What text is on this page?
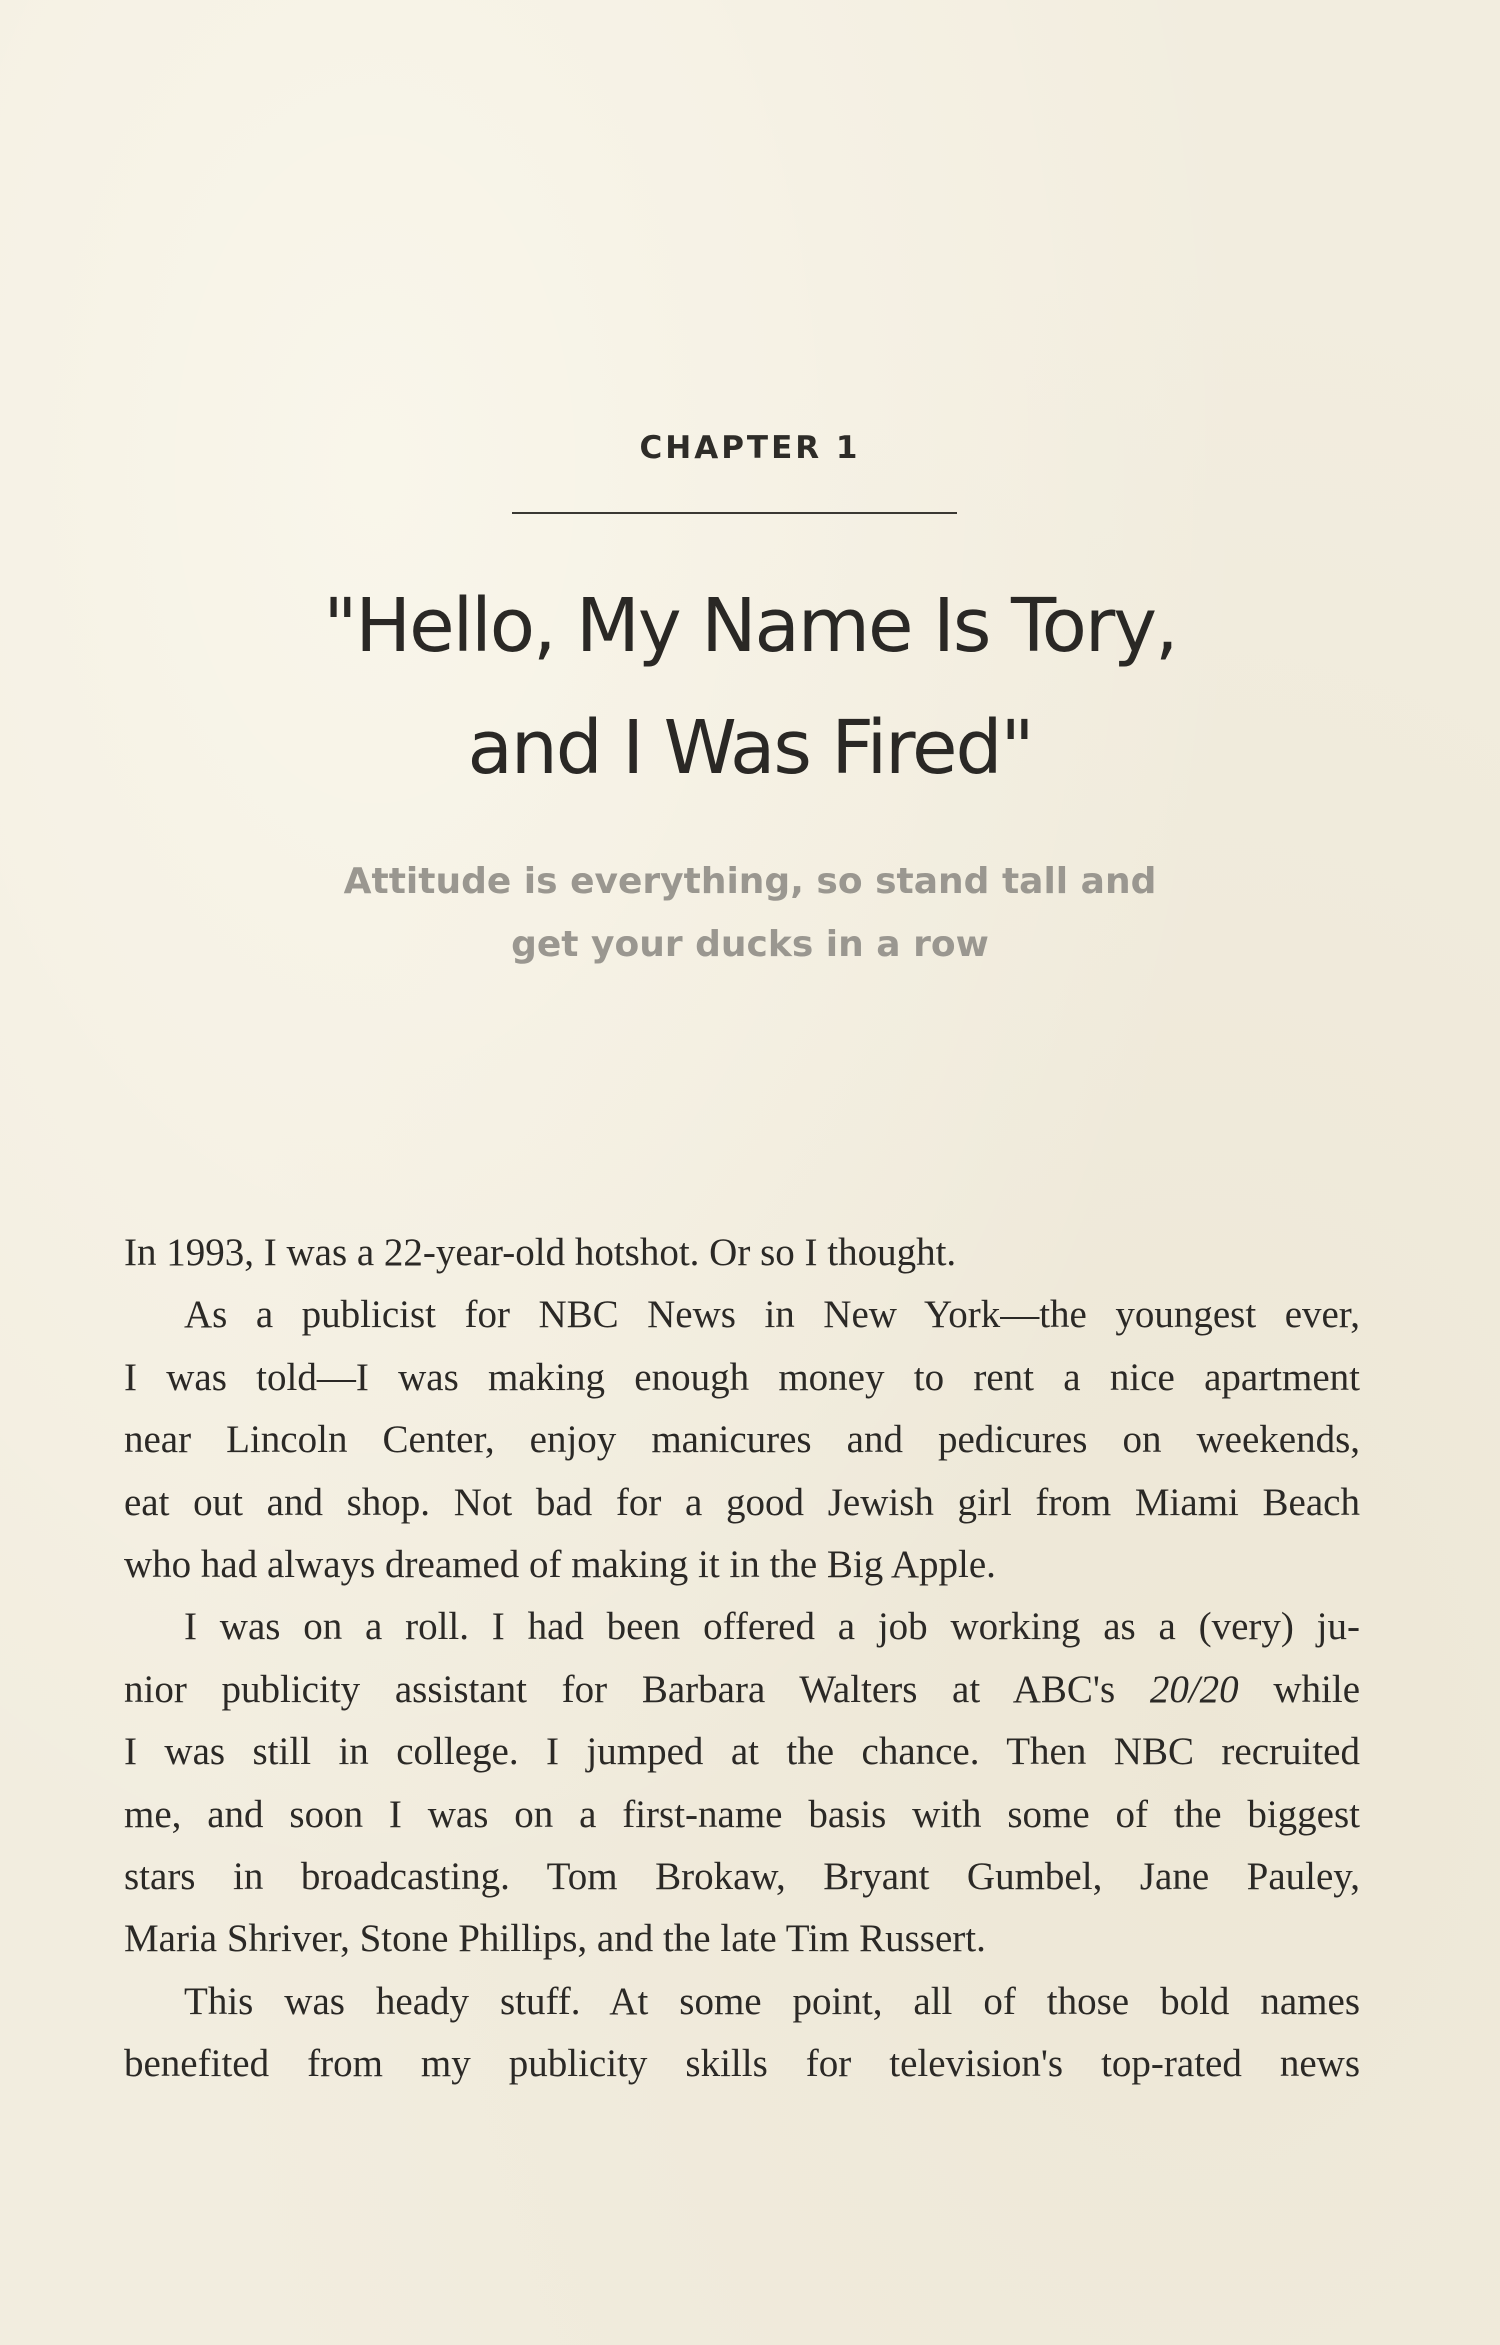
CHAPTER 1
"Hello, My Name Is Tory,
and I Was Fired"
Attitude is everything, so stand tall and
get your ducks in a row
In 1993, I was a 22-year-old hotshot. Or so I thought.
As a publicist for NBC News in New York—the youngest ever,
I was told—I was making enough money to rent a nice apartment
near Lincoln Center, enjoy manicures and pedicures on weekends,
eat out and shop. Not bad for a good Jewish girl from Miami Beach
who had always dreamed of making it in the Big Apple.
I was on a roll. I had been offered a job working as a (very) ju-
nior publicity assistant for Barbara Walters at ABC's 20/20 while
I was still in college. I jumped at the chance. Then NBC recruited
me, and soon I was on a first-name basis with some of the biggest
stars in broadcasting. Tom Brokaw, Bryant Gumbel, Jane Pauley,
Maria Shriver, Stone Phillips, and the late Tim Russert.
This was heady stuff. At some point, all of those bold names
benefited from my publicity skills for television's top-rated news
